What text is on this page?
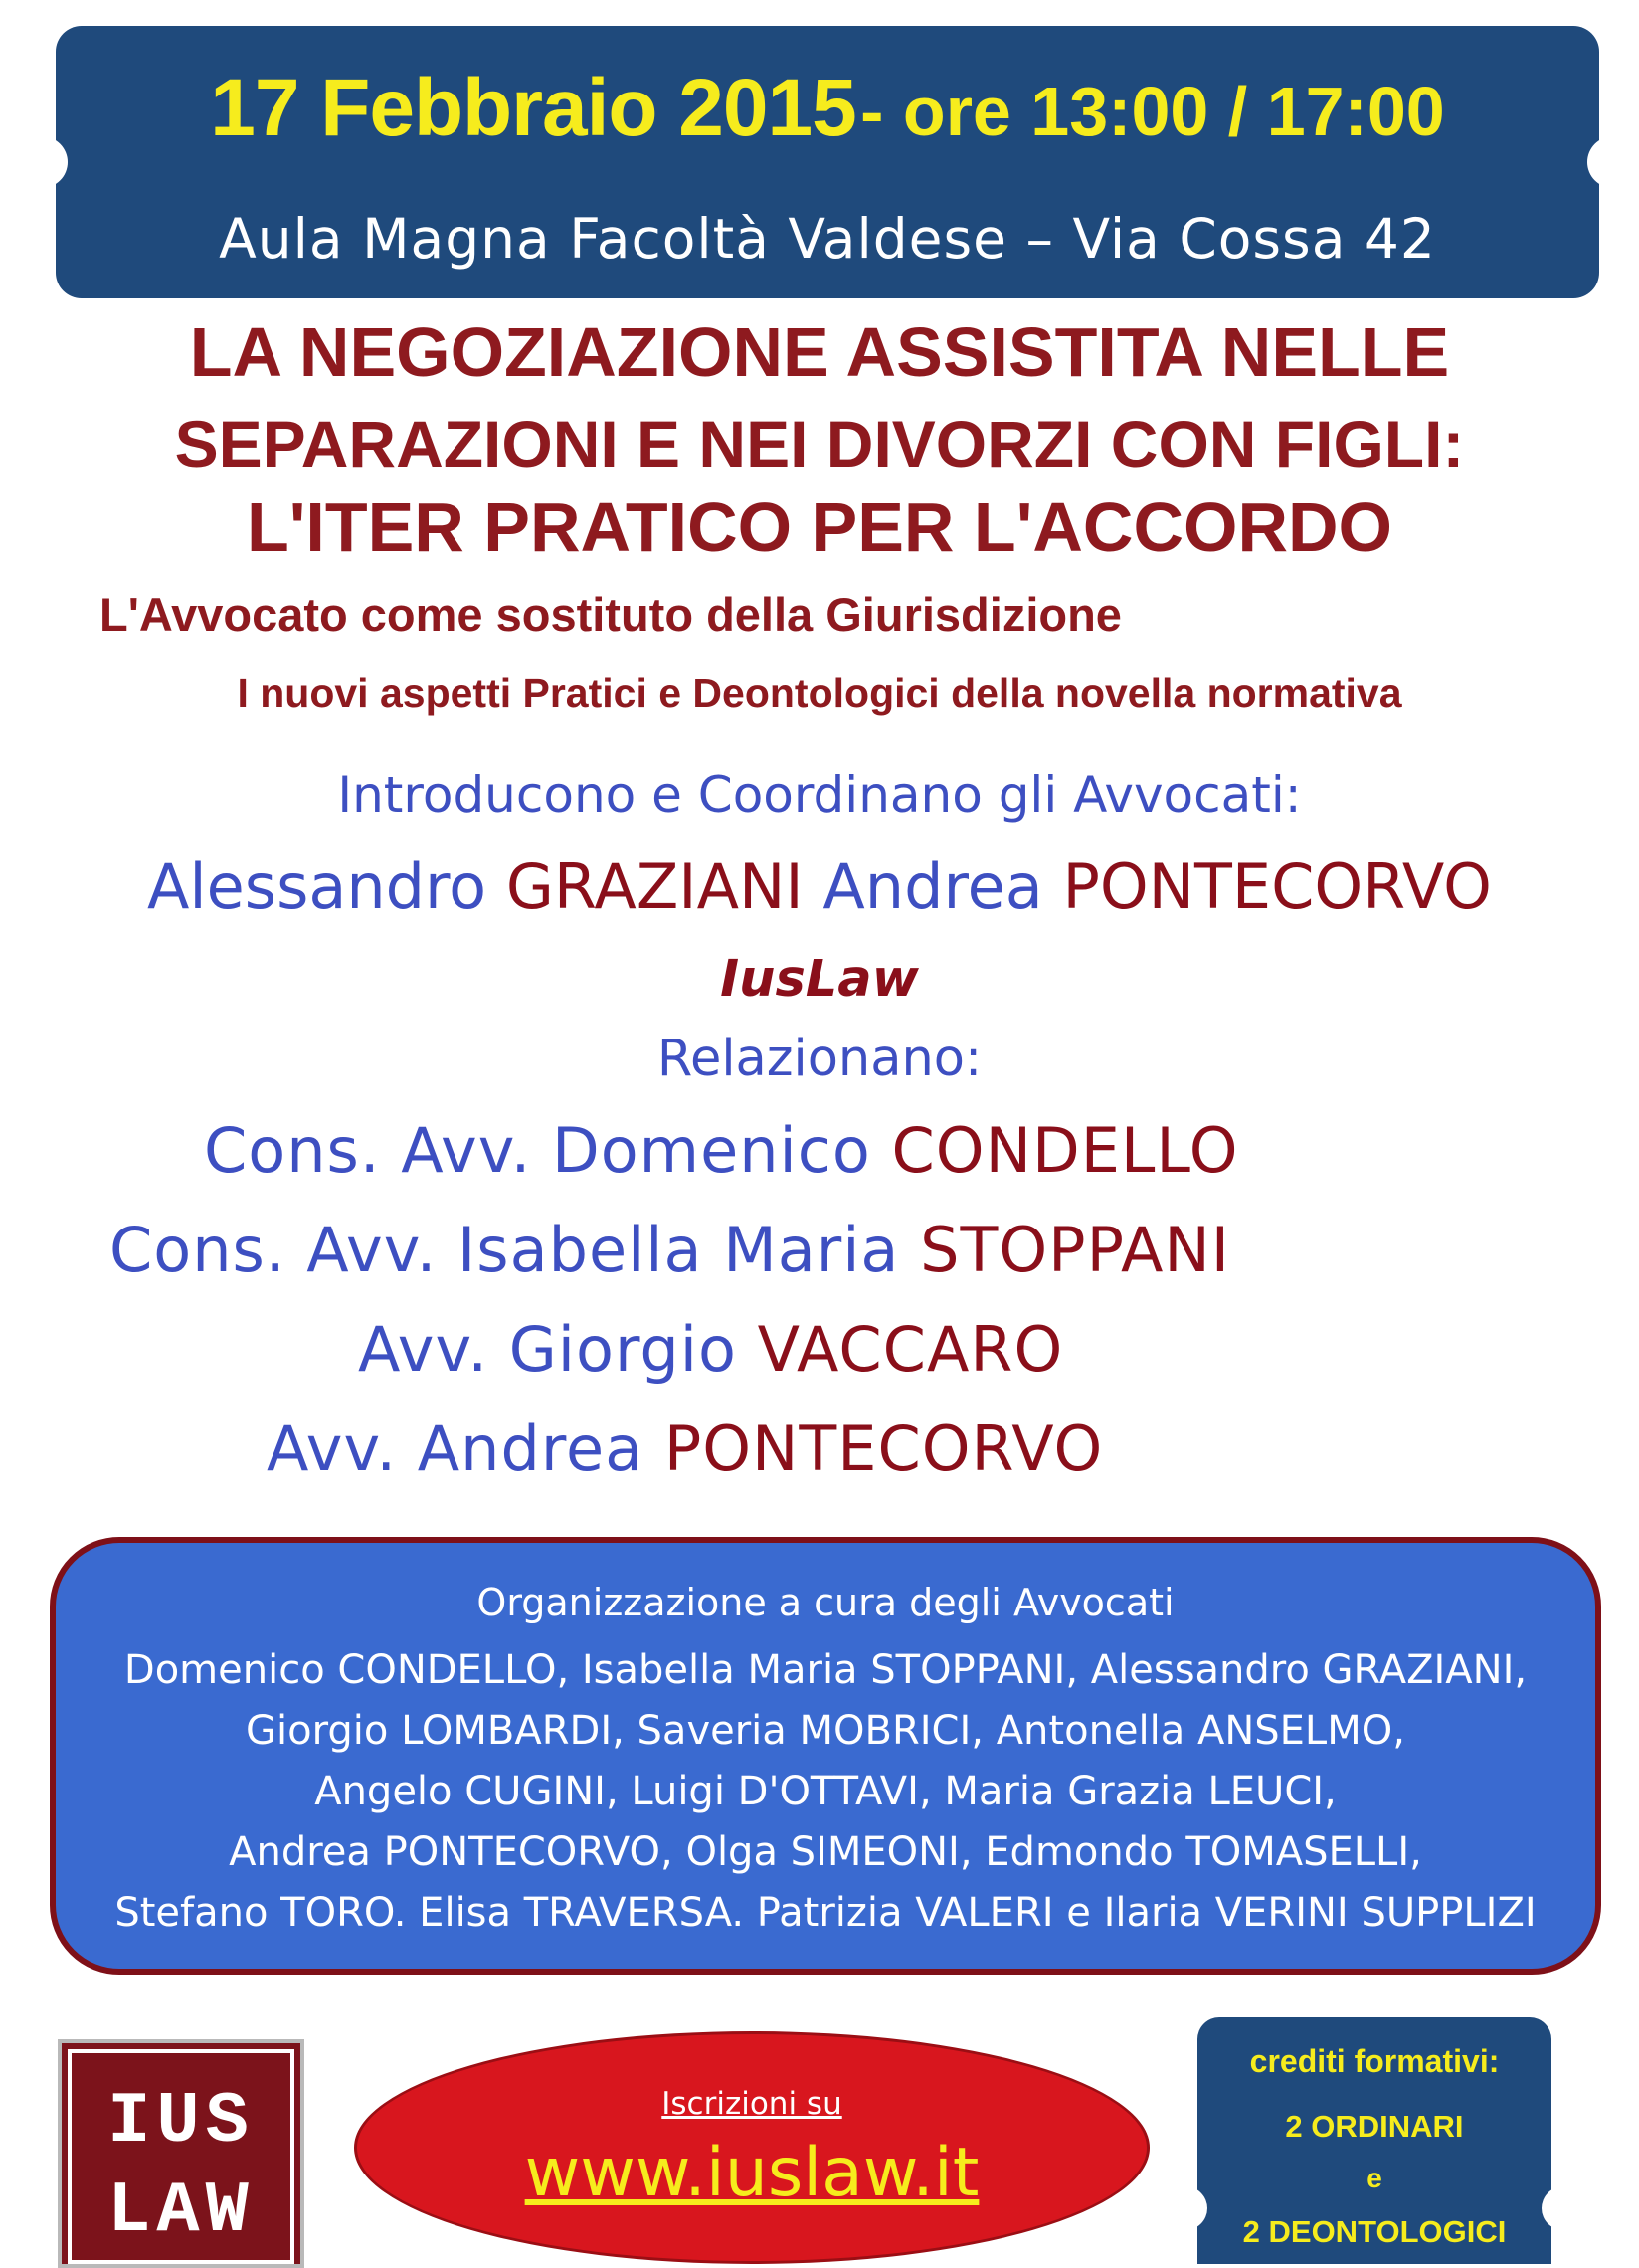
17 Febbraio 2015 - ore 13:00 / 17:00
Aula Magna Facoltà Valdese – Via Cossa 42
LA NEGOZIAZIONE ASSISTITA NELLE
SEPARAZIONI E NEI DIVORZI CON FIGLI:
L'ITER PRATICO PER L'ACCORDO
L'Avvocato come sostituto della Giurisdizione
I nuovi aspetti Pratici e Deontologici della novella normativa
Introducono e Coordinano gli Avvocati:
Alessandro GRAZIANI Andrea PONTECORVO
IusLaw
Relazionano:
Cons. Avv. Domenico CONDELLO
Cons. Avv. Isabella Maria STOPPANI
Avv. Giorgio VACCARO
Avv. Andrea PONTECORVO
Organizzazione a cura degli Avvocati
Domenico CONDELLO, Isabella Maria STOPPANI, Alessandro GRAZIANI,
Giorgio LOMBARDI, Saveria MOBRICI, Antonella ANSELMO,
Angelo CUGINI, Luigi D'OTTAVI, Maria Grazia LEUCI,
Andrea PONTECORVO, Olga SIMEONI, Edmondo TOMASELLI,
Stefano TORO. Elisa TRAVERSA. Patrizia VALERI e Ilaria VERINI SUPPLIZI
IUS
LAW
Iscrizioni su
www.iuslaw.it
crediti formativi:
2 ORDINARI
e
2 DEONTOLOGICI
